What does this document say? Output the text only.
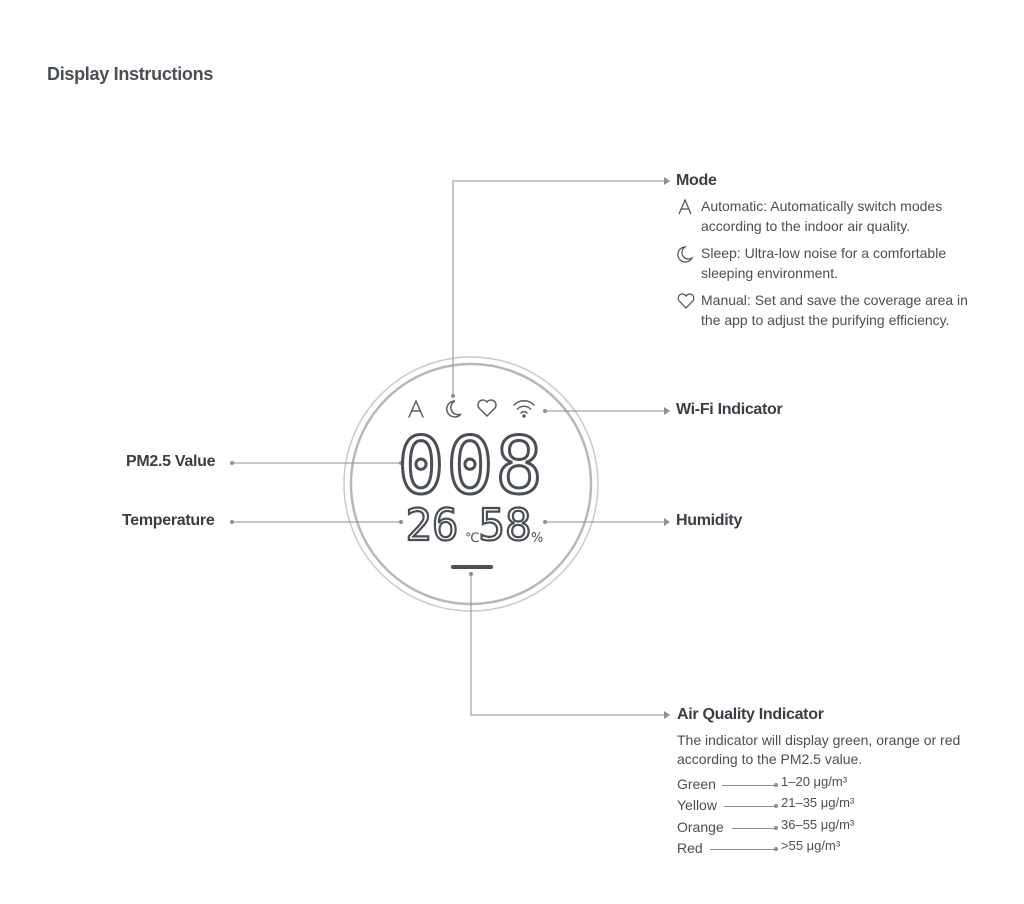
Display Instructions
008
26 ℃
58 %
Mode
Automatic: Automatically switch modes according to the indoor air quality.
Sleep: Ultra-low noise for a comfortable sleeping environment.
Manual: Set and save the coverage area in the app to adjust the purifying efficiency.
Wi-Fi Indicator
PM2.5 Value
Temperature	Humidity
Air Quality Indicator
The indicator will display green, orange or red according to the PM2.5 value.
Green	1–20 μg/m³
Yellow	21–35 μg/m³
Orange	36–55 μg/m³
Red	>55 μg/m³
